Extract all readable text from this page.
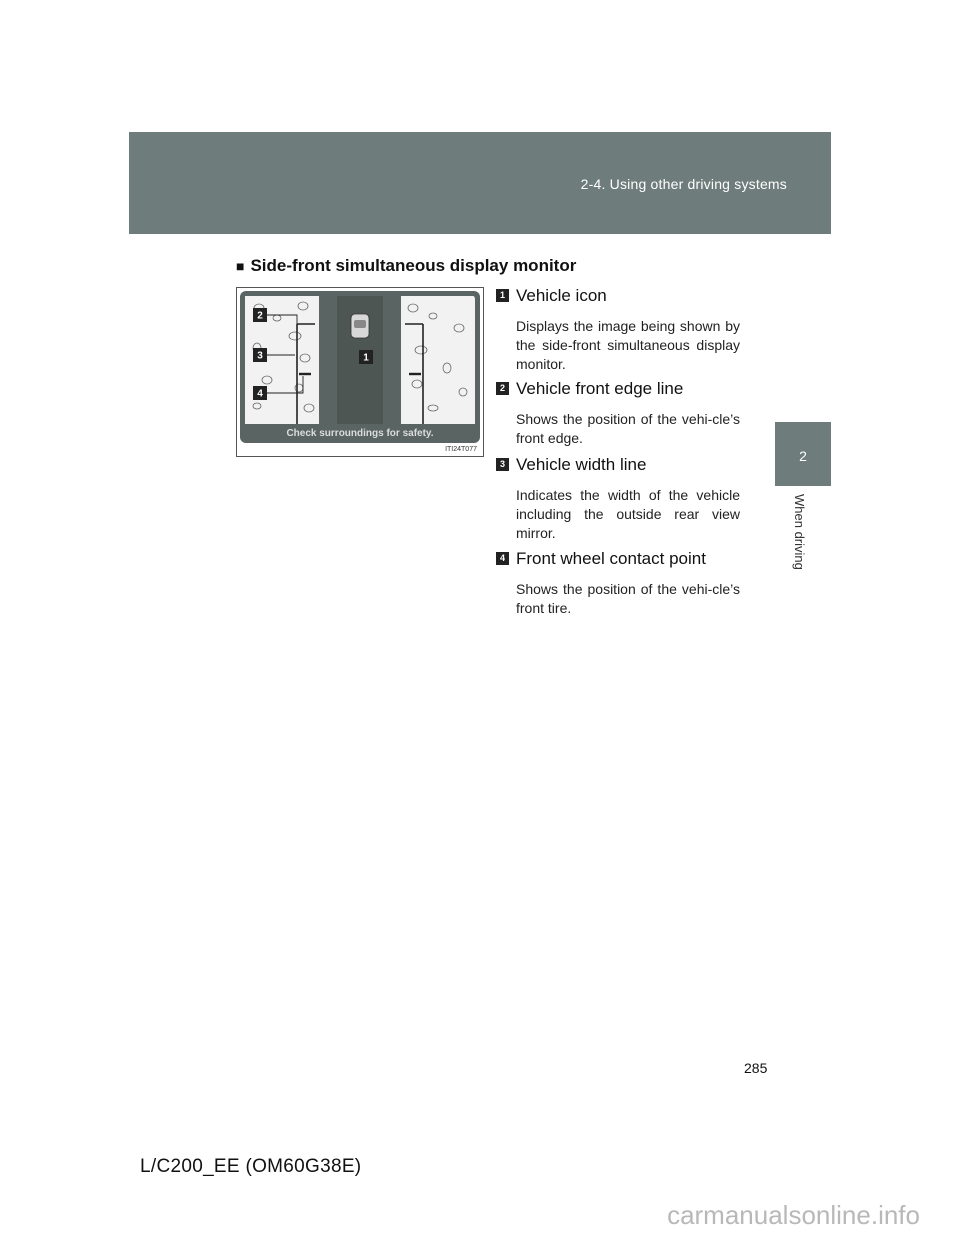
2-4. Using other driving systems
2
When driving
■ Side-front simultaneous display monitor
1
2
3
4
Check surroundings for safety.
ITI24T077
1 Vehicle icon
Displays the image being shown by the side-front simultaneous display monitor.
2 Vehicle front edge line
Shows the position of the vehi-cle’s front edge.
3 Vehicle width line
Indicates the width of the vehicle including the outside rear view mirror.
4 Front wheel contact point
Shows the position of the vehi-cle’s front tire.
285
L/C200_EE (OM60G38E)
carmanualsonline.info
